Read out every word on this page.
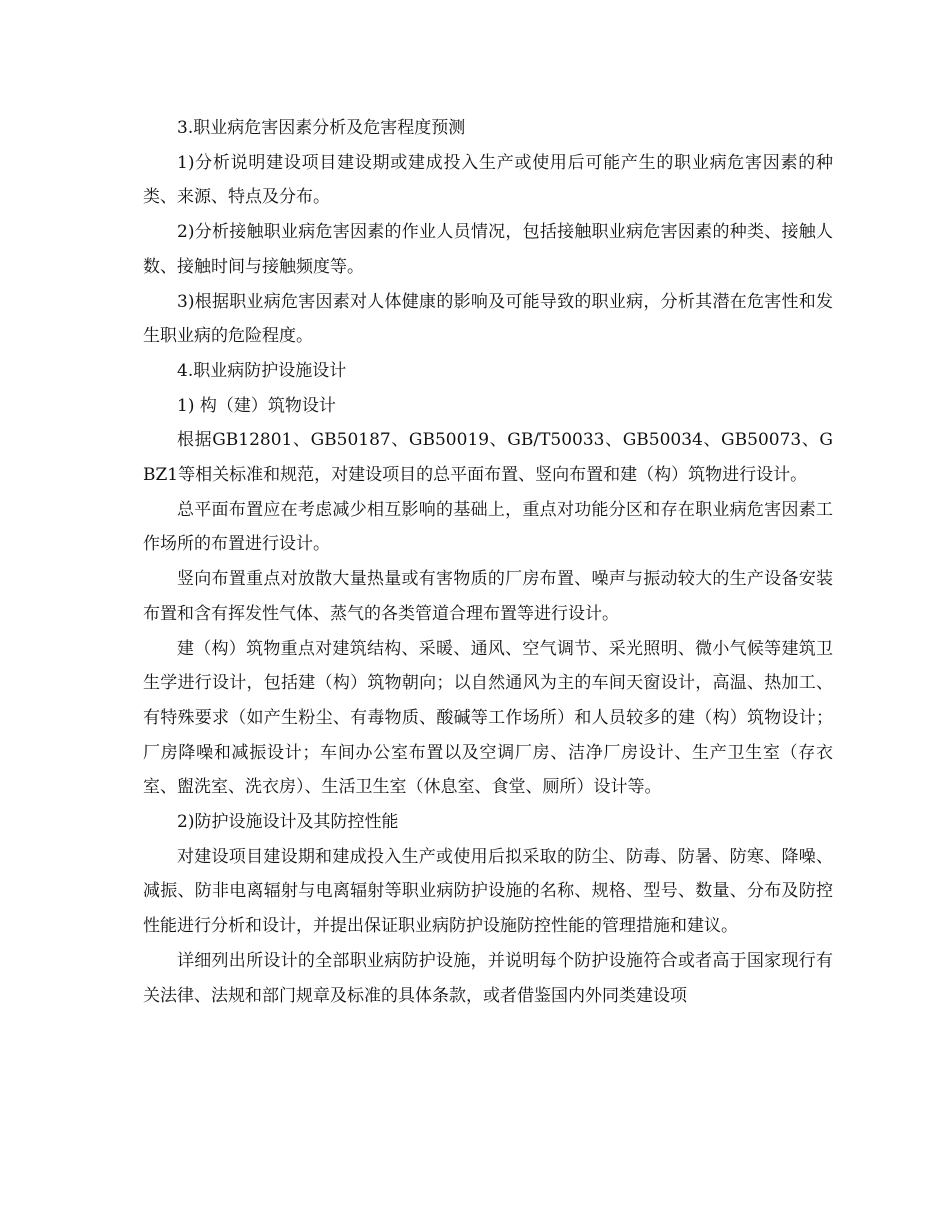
3.职业病危害因素分析及危害程度预测

1)分析说明建设项目建设期或建成投入生产或使用后可能产生的职业病危害因素的种类、来源、特点及分布。

2)分析接触职业病危害因素的作业人员情况，包括接触职业病危害因素的种类、接触人数、接触时间与接触频度等。

3)根据职业病危害因素对人体健康的影响及可能导致的职业病，分析其潜在危害性和发生职业病的危险程度。

4.职业病防护设施设计

1) 构（建）筑物设计

根据GB12801、GB50187、GB50019、GB/T50033、GB50034、GB50073、GBZ1等相关标准和规范，对建设项目的总平面布置、竖向布置和建（构）筑物进行设计。

总平面布置应在考虑减少相互影响的基础上，重点对功能分区和存在职业病危害因素工作场所的布置进行设计。

竖向布置重点对放散大量热量或有害物质的厂房布置、噪声与振动较大的生产设备安装布置和含有挥发性气体、蒸气的各类管道合理布置等进行设计。

建（构）筑物重点对建筑结构、采暖、通风、空气调节、采光照明、微小气候等建筑卫生学进行设计，包括建（构）筑物朝向；以自然通风为主的车间天窗设计，高温、热加工、有特殊要求（如产生粉尘、有毒物质、酸碱等工作场所）和人员较多的建（构）筑物设计；厂房降噪和减振设计；车间办公室布置以及空调厂房、洁净厂房设计、生产卫生室（存衣室、盥洗室、洗衣房）、生活卫生室（休息室、食堂、厕所）设计等。

2)防护设施设计及其防控性能

对建设项目建设期和建成投入生产或使用后拟采取的防尘、防毒、防暑、防寒、降噪、减振、防非电离辐射与电离辐射等职业病防护设施的名称、规格、型号、数量、分布及防控性能进行分析和设计，并提出保证职业病防护设施防控性能的管理措施和建议。

详细列出所设计的全部职业病防护设施，并说明每个防护设施符合或者高于国家现行有关法律、法规和部门规章及标准的具体条款，或者借鉴国内外同类建设项
